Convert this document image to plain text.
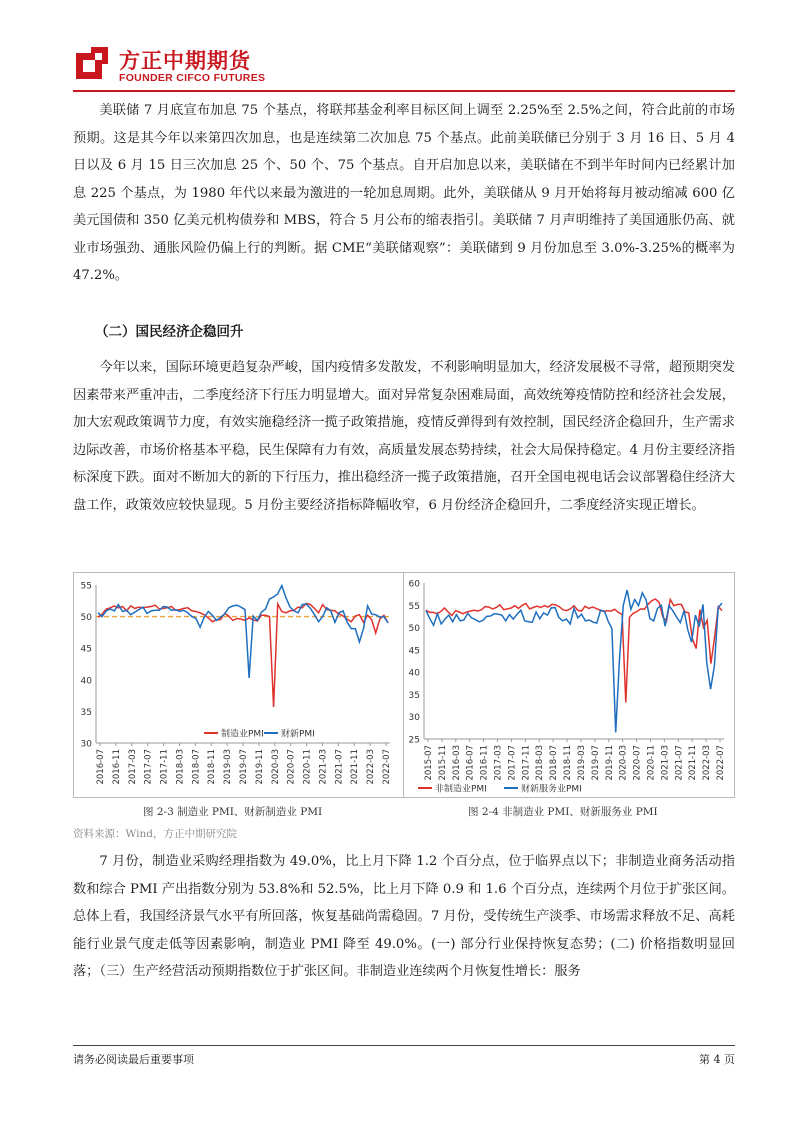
方正中期期货
FOUNDER CIFCO FUTURES

美联储 7 月底宣布加息 75 个基点，将联邦基金利率目标区间上调至 2.25%至 2.5%之间，符合此前的市场预期。这是其今年以来第四次加息，也是连续第二次加息 75 个基点。此前美联储已分别于 3 月 16 日、5 月 4 日以及 6 月 15 日三次加息 25 个、50 个、75 个基点。自开启加息以来，美联储在不到半年时间内已经累计加息 225 个基点，为 1980 年代以来最为激进的一轮加息周期。此外，美联储从 9 月开始将每月被动缩减 600 亿美元国债和 350 亿美元机构债券和 MBS，符合 5 月公布的缩表指引。美联储 7 月声明维持了美国通胀仍高、就业市场强劲、通胀风险仍偏上行的判断。据 CME“美联储观察”：美联储到 9 月份加息至 3.0%-3.25%的概率为 47.2%。

（二）国民经济企稳回升

今年以来，国际环境更趋复杂严峻，国内疫情多发散发，不利影响明显加大，经济发展极不寻常，超预期突发因素带来严重冲击，二季度经济下行压力明显增大。面对异常复杂困难局面，高效统筹疫情防控和经济社会发展，加大宏观政策调节力度，有效实施稳经济一揽子政策措施，疫情反弹得到有效控制，国民经济企稳回升，生产需求边际改善，市场价格基本平稳，民生保障有力有效，高质量发展态势持续，社会大局保持稳定。4 月份主要经济指标深度下跌。面对不断加大的新的下行压力，推出稳经济一揽子政策措施，召开全国电视电话会议部署稳住经济大盘工作，政策效应较快显现。5 月份主要经济指标降幅收窄，6 月份经济企稳回升，二季度经济实现正增长。

30
35
40
45
50
55
2016-07 2016-11 2017-03 2017-07 2017-11 2018-03 2018-07 2018-11 2019-03 2019-07 2019-11 2020-03 2020-07 2020-11 2021-03 2021-07 2021-11 2022-03 2022-07
制造业PMI 财新PMI
25
30
35
40
45
50
55
60
2015-07 2015-11 2016-03 2016-07 2016-11 2017-03 2017-07 2017-11 2018-03 2018-07 2018-11 2019-03 2019-07 2019-11 2020-03 2020-07 2020-11 2021-03 2021-07 2021-11 2022-03 2022-07
非制造业PMI	财新服务业PMI

图 2-3 制造业 PMI、财新制造业 PMI	图 2-4 非制造业 PMI、财新服务业 PMI

资料来源：Wind，方正中期研究院

7 月份，制造业采购经理指数为 49.0%，比上月下降 1.2 个百分点，位于临界点以下；非制造业商务活动指数和综合 PMI 产出指数分别为 53.8%和 52.5%，比上月下降 0.9 和 1.6 个百分点，连续两个月位于扩张区间。总体上看，我国经济景气水平有所回落，恢复基础尚需稳固。7 月份，受传统生产淡季、市场需求释放不足、高耗能行业景气度走低等因素影响，制造业 PMI 降至 49.0%。(一) 部分行业保持恢复态势；(二) 价格指数明显回落；（三）生产经营活动预期指数位于扩张区间。非制造业连续两个月恢复性增长：服务

请务必阅读最后重要事项	第 4 页
